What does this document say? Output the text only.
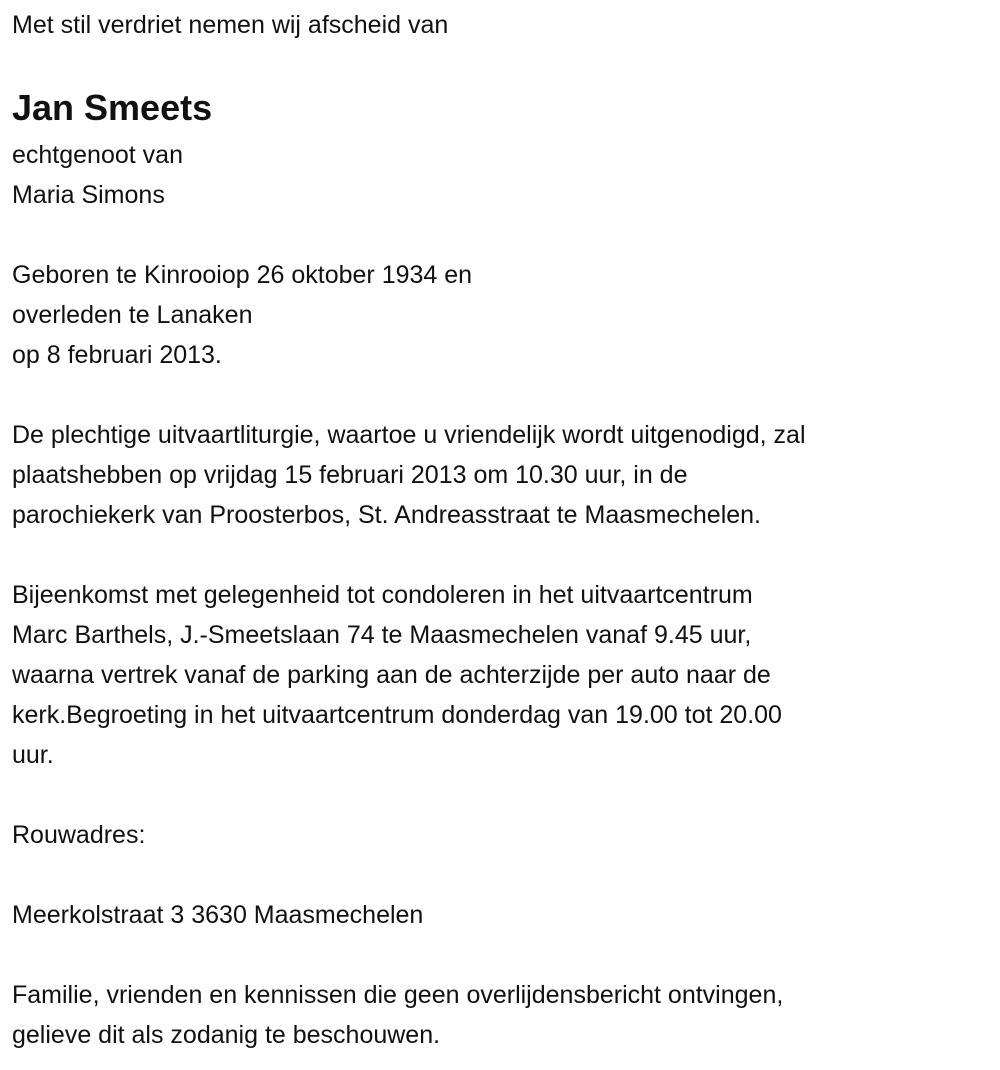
Met stil verdriet nemen wij afscheid van
Jan Smeets
echtgenoot van
Maria Simons
Geboren te Kinrooiop 26 oktober 1934 en
overleden te Lanaken
op 8 februari 2013.
De plechtige uitvaartliturgie, waartoe u vriendelijk wordt uitgenodigd, zal
plaatshebben op vrijdag 15 februari 2013 om 10.30 uur, in de
parochiekerk van Proosterbos, St. Andreasstraat te Maasmechelen.
Bijeenkomst met gelegenheid tot condoleren in het uitvaartcentrum
Marc Barthels, J.-Smeetslaan 74 te Maasmechelen vanaf 9.45 uur,
waarna vertrek vanaf de parking aan de achterzijde per auto naar de
kerk.Begroeting in het uitvaartcentrum donderdag van 19.00 tot 20.00
uur.
Rouwadres:
Meerkolstraat 3 3630 Maasmechelen
Familie, vrienden en kennissen die geen overlijdensbericht ontvingen,
gelieve dit als zodanig te beschouwen.
